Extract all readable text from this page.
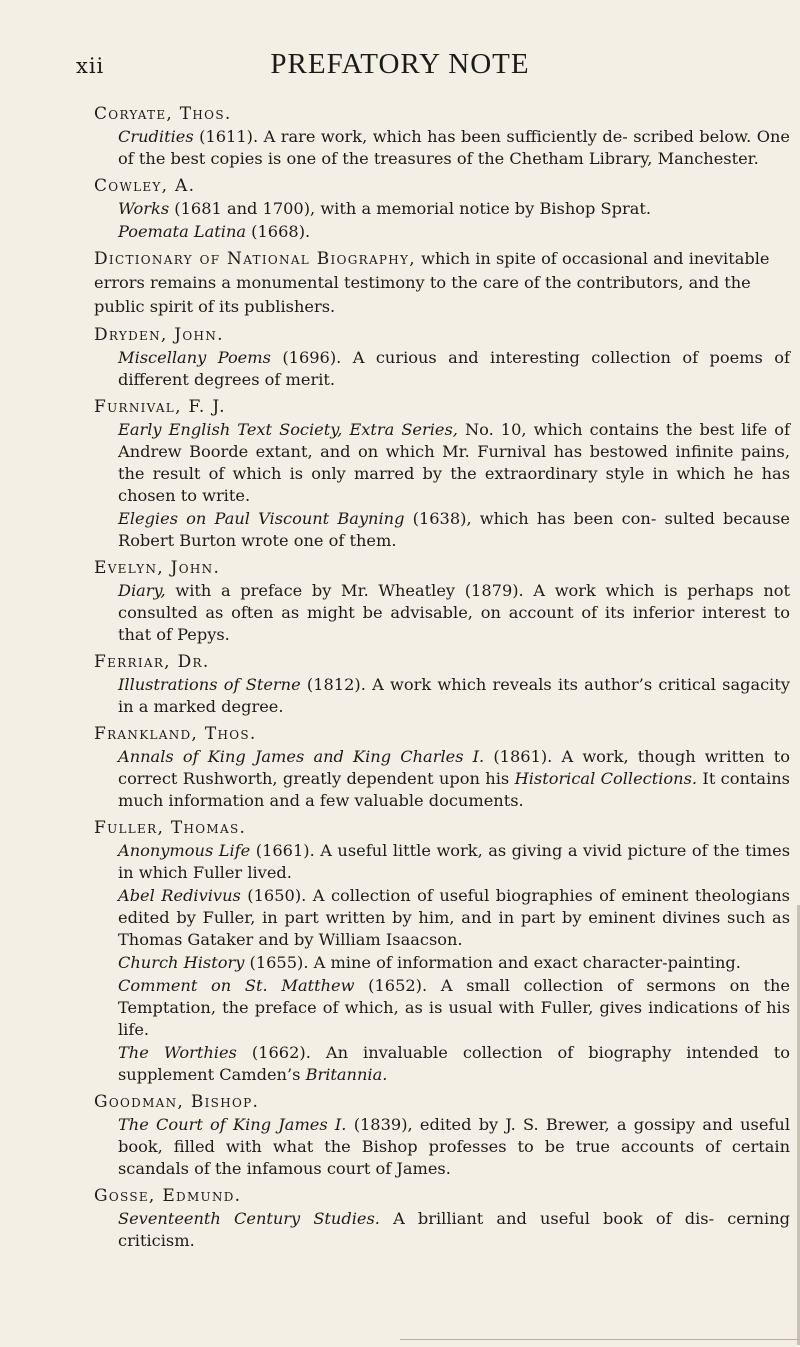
xii	PREFATORY NOTE
Coryate, Thos.
Crudities (1611). A rare work, which has been sufficiently de- scribed below. One of the best copies is one of the treasures of the Chetham Library, Manchester.
Cowley, A.
Works (1681 and 1700), with a memorial notice by Bishop Sprat.
Poemata Latina (1668).
Dictionary of National Biography, which in spite of occasional and inevitable errors remains a monumental testimony to the care of the contributors, and the public spirit of its publishers.
Dryden, John.
Miscellany Poems (1696). A curious and interesting collection of poems of different degrees of merit.
Furnival, F. J.
Early English Text Society, Extra Series, No. 10, which contains the best life of Andrew Boorde extant, and on which Mr. Furnival has bestowed infinite pains, the result of which is only marred by the extraordinary style in which he has chosen to write.
Elegies on Paul Viscount Bayning (1638), which has been con- sulted because Robert Burton wrote one of them.
Evelyn, John.
Diary, with a preface by Mr. Wheatley (1879). A work which is perhaps not consulted as often as might be advisable, on account of its inferior interest to that of Pepys.
Ferriar, Dr.
Illustrations of Sterne (1812). A work which reveals its author’s critical sagacity in a marked degree.
Frankland, Thos.
Annals of King James and King Charles I. (1861). A work, though written to correct Rushworth, greatly dependent upon his Historical Collections. It contains much information and a few valuable documents.
Fuller, Thomas.
Anonymous Life (1661). A useful little work, as giving a vivid picture of the times in which Fuller lived.
Abel Redivivus (1650). A collection of useful biographies of eminent theologians edited by Fuller, in part written by him, and in part by eminent divines such as Thomas Gataker and by William Isaacson.
Church History (1655). A mine of information and exact character-painting.
Comment on St. Matthew (1652). A small collection of sermons on the Temptation, the preface of which, as is usual with Fuller, gives indications of his life.
The Worthies (1662). An invaluable collection of biography intended to supplement Camden’s Britannia.
Goodman, Bishop.
The Court of King James I. (1839), edited by J. S. Brewer, a gossipy and useful book, filled with what the Bishop professes to be true accounts of certain scandals of the infamous court of James.
Gosse, Edmund.
Seventeenth Century Studies. A brilliant and useful book of dis- cerning criticism.
